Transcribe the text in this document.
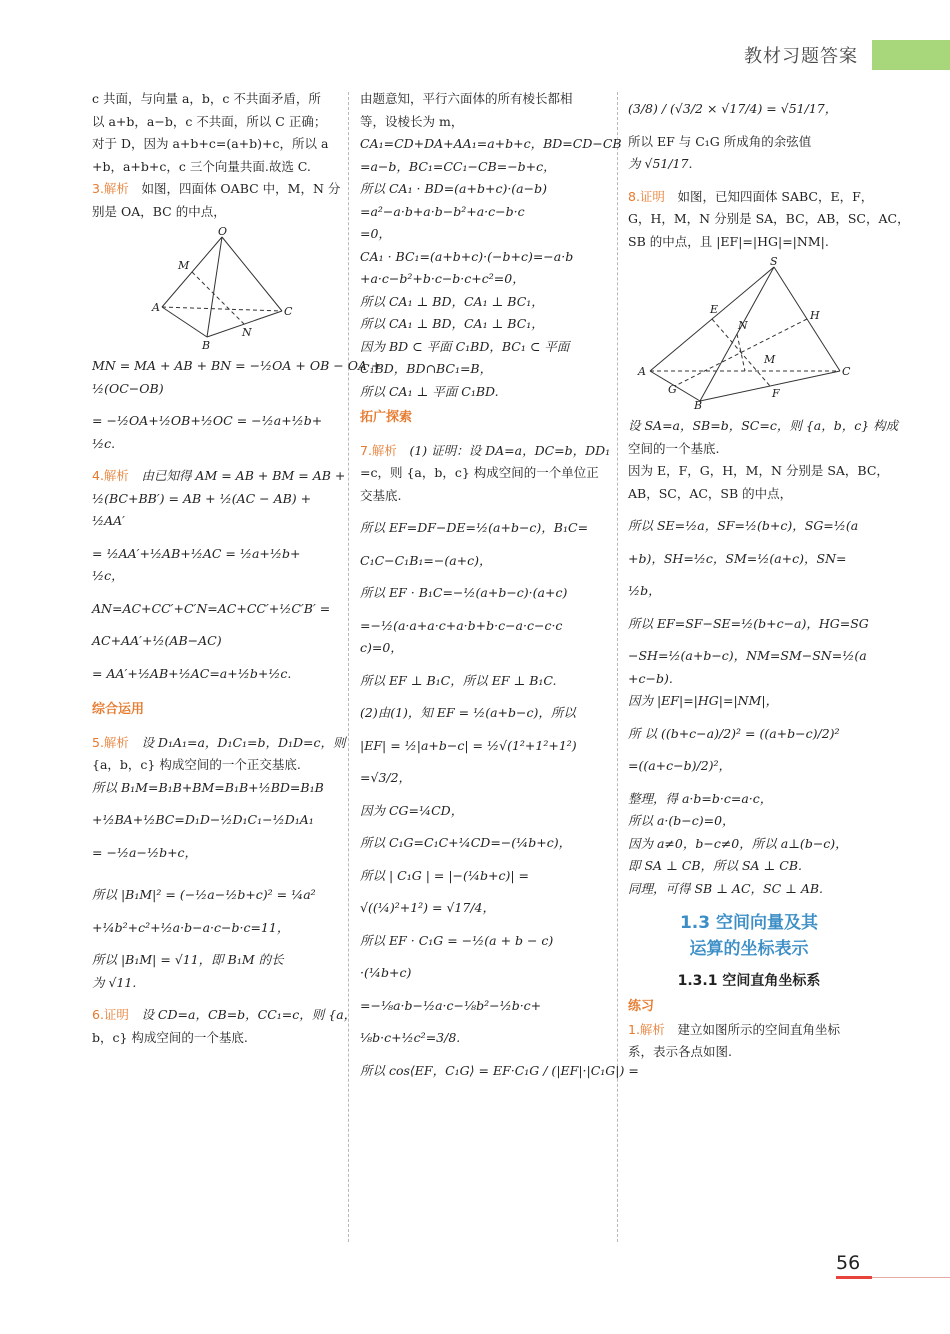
教材习题答案
c 共面，与向量 a，b，c 不共面矛盾，所
以 a+b，a−b，c 不共面，所以 C 正确；
对于 D，因为 a+b+c=(a+b)+c，所以 a
+b，a+b+c，c 三个向量共面.故选 C.
3.解析　 如图，四面体 OABC 中，M，N 分
别是 OA，BC 的中点，
O
M
A
B
C
N
MN = MA + AB + BN = −½OA + OB − OA +
½(OC−OB)
= −½OA+½OB+½OC = −½a+½b+
½c.
4.解析　 由已知得 AM = AB + BM = AB +
½(BC+BB′) = AB + ½(AC − AB) +
½AA′
= ½AA′+½AB+½AC = ½a+½b+
½c，
AN=AC+CC′+C′N=AC+CC′+½C′B′ =
AC+AA′+½(AB−AC)
= AA′+½AB+½AC=a+½b+½c.
综合运用
5.解析　 设 D₁A₁=a，D₁C₁=b，D₁D=c，则
{a，b，c} 构成空间的一个正交基底.
所以 B₁M=B₁B+BM=B₁B+½BD=B₁B
+½BA+½BC=D₁D−½D₁C₁−½D₁A₁
= −½a−½b+c，
所以 |B₁M|² = (−½a−½b+c)² = ¼a²
+¼b²+c²+½a·b−a·c−b·c=11，
所以 |B₁M| = √11，即 B₁M 的长
为 √11.
6.证明　 设 CD=a，CB=b，CC₁=c，则 {a，
b，c} 构成空间的一个基底.
由题意知，平行六面体的所有棱长都相
等，设棱长为 m，
CA₁=CD+DA+AA₁=a+b+c，BD=CD−CB
=a−b，BC₁=CC₁−CB=−b+c，
所以 CA₁ · BD=(a+b+c)·(a−b)
=a²−a·b+a·b−b²+a·c−b·c
=0，
CA₁ · BC₁=(a+b+c)·(−b+c)=−a·b
+a·c−b²+b·c−b·c+c²=0，
所以 CA₁ ⊥ BD，CA₁ ⊥ BC₁，
所以 CA₁ ⊥ BD，CA₁ ⊥ BC₁，
因为 BD ⊂ 平面 C₁BD，BC₁ ⊂ 平面
C₁BD，BD∩BC₁=B，
所以 CA₁ ⊥ 平面 C₁BD.
拓广探索
7.解析　 (1) 证明：设 DA=a，DC=b，DD₁
=c，则 {a，b，c} 构成空间的一个单位正
交基底.
所以 EF=DF−DE=½(a+b−c)，B₁C=
C₁C−C₁B₁=−(a+c)，
所以 EF · B₁C=−½(a+b−c)·(a+c)
=−½(a·a+a·c+a·b+b·c−a·c−c·c
c)=0，
所以 EF ⊥ B₁C，所以 EF ⊥ B₁C.
(2)由(1)，知 EF = ½(a+b−c)，所以
|EF| = ½|a+b−c| = ½√(1²+1²+1²)
=√3/2，
因为 CG=¼CD，
所以 C₁G=C₁C+¼CD=−(¼b+c)，
所以 | C₁G | = |−(¼b+c)| =
√((¼)²+1²) = √17/4，
所以 EF · C₁G = −½(a + b − c)
·(¼b+c)
=−⅛a·b−½a·c−⅛b²−½b·c+
⅛b·c+½c²=3/8.
所以 cos⟨EF，C₁G⟩ = EF·C₁G / (|EF|·|C₁G|) =
(3/8) / (√3/2 × √17/4) = √51/17，
所以 EF 与 C₁G 所成角的余弦值
为 √51/17.
8.证明　 如图，已知四面体 SABC，E，F，
G，H，M，N 分别是 SA，BC，AB，SC，AC，
SB 的中点，且 |EF|=|HG|=|NM|.
S
E
N
H
M
A	C
G	F
B
设 SA=a，SB=b，SC=c，则 {a，b，c} 构成
空间的一个基底.
因为 E，F，G，H，M，N 分别是 SA，BC，
AB，SC，AC，SB 的中点，
所以 SE=½a，SF=½(b+c)，SG=½(a
+b)，SH=½c，SM=½(a+c)，SN=
½b，
所以 EF=SF−SE=½(b+c−a)，HG=SG
−SH=½(a+b−c)，NM=SM−SN=½(a
+c−b).
因为 |EF|=|HG|=|NM|，
所 以 ((b+c−a)/2)² = ((a+b−c)/2)²
=((a+c−b)/2)²，
整理，得 a·b=b·c=a·c，
所以 a·(b−c)=0，
因为 a≠0，b−c≠0，所以 a⊥(b−c)，
即 SA ⊥ CB，所以 SA ⊥ CB.
同理，可得 SB ⊥ AC，SC ⊥ AB.
1.3 空间向量及其
运算的坐标表示
1.3.1 空间直角坐标系
练习
1.解析　 建立如图所示的空间直角坐标
系，表示各点如图.
56
